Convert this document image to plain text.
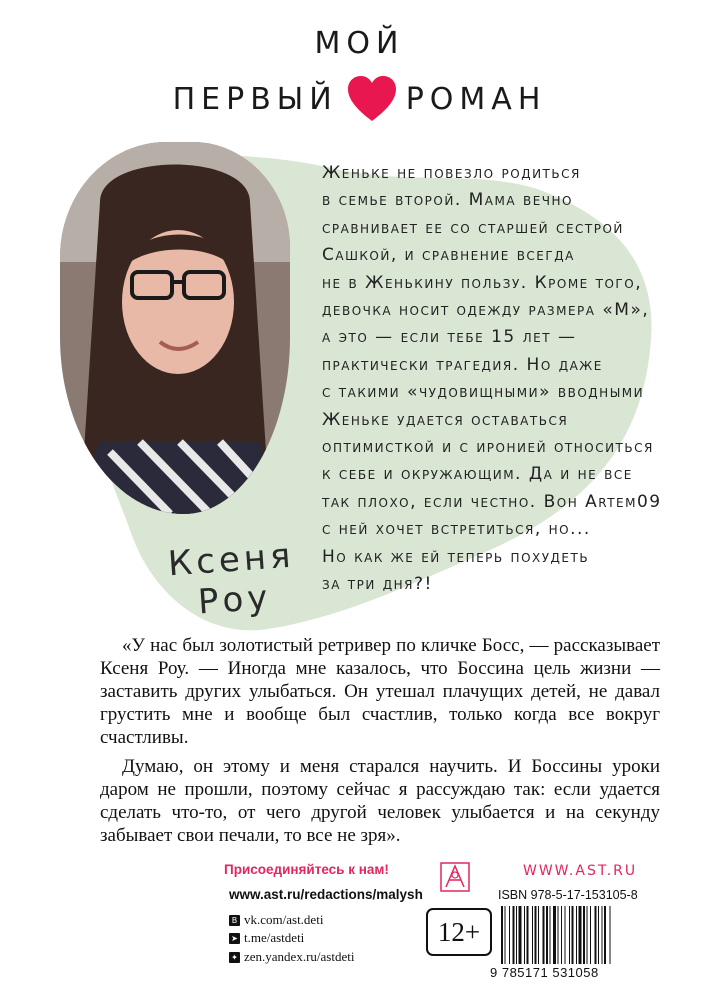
МОЙ
ПЕРВЫЙ РОМАН
Ксеня
Роу
Женьке не повезло родиться
в семье второй. Мама вечно
сравнивает ее со старшей сестрой
Сашкой, и сравнение всегда
не в Женькину пользу. Кроме того,
девочка носит одежду размера «М»,
а это — если тебе 15 лет —
практически трагедия. Но даже
с такими «чудовищными» вводными
Женьке удается оставаться
оптимисткой и с иронией относиться
к себе и окружающим. Да и не все
так плохо, если честно. Вон Artem09
с ней хочет встретиться, но...
Но как же ей теперь похудеть
за три дня?!

«У нас был золотистый ретривер по кличке Босс, — рассказывает Ксеня Роу. — Иногда мне казалось, что Боссина цель жизни — заставить других улыбаться. Он утешал плачущих детей, не давал грустить мне и вообще был счастлив, только когда все вокруг счастливы.

Думаю, он этому и меня старался научить. И Боссины уроки даром не прошли, поэтому сейчас я рассуждаю так: если удается сделать что-то, от чего другой человек улыбается и на секунду забывает свои печали, то все не зря».

Присоединяйтесь к нам!
www.ast.ru/redactions/malysh
В vk.com/ast.deti
➤ t.me/astdeti
✦ zen.yandex.ru/astdeti
12+
WWW.AST.RU
ISBN 978-5-17-153105-8
9 785171 531058
